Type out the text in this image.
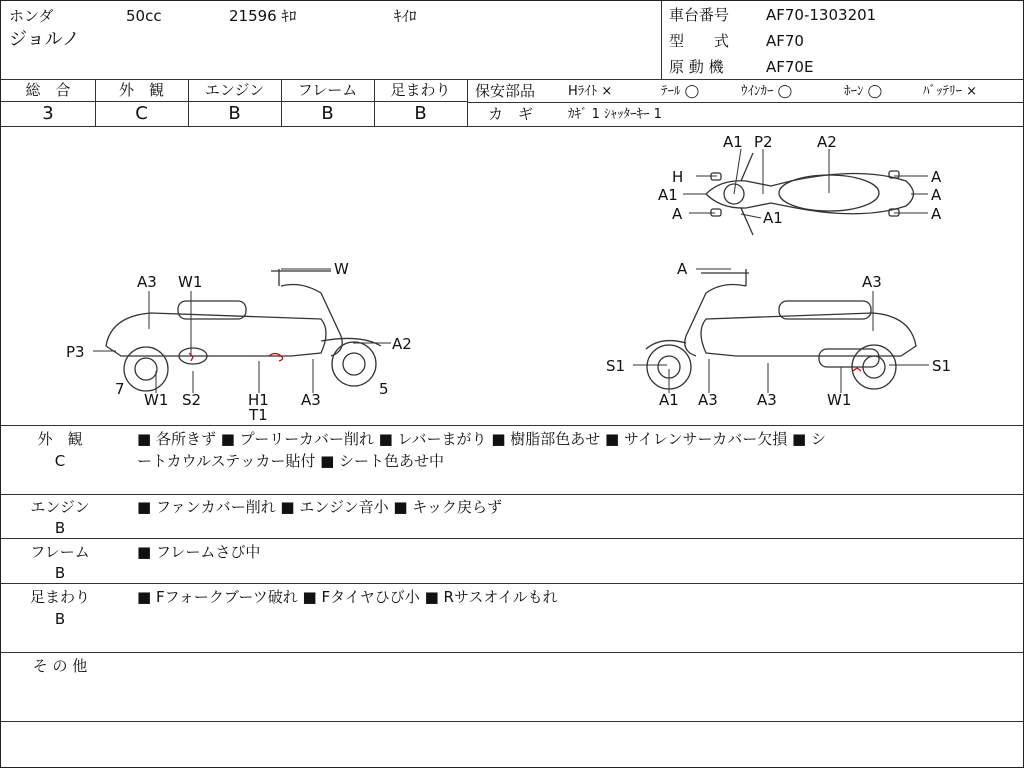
ホンダ	50cc	21596 ｷﾛ	ｷｲﾛ
ジョルノ
車台番号 AF70-1303201
型　　式 AF70
原 動 機	AF70E
総　合	外　観	エンジン	フレーム	足まわり
3	C	B	B	B
保安部品	Hﾗｲﾄ ×	ﾃｰﾙ ◯	ｳｲﾝｶｰ ◯	ﾎｰﾝ ◯	ﾊﾞｯﾃﾘｰ ×
カ　ギ	ｶｷﾞ 1 ｼｬｯﾀｰｷｰ 1
A1 P2	A2
H
A1
A	A1
A
A
A
A3 W1
W
P3	A2
7
W1 S2	H1
T1
A3
5
A
A3
S1	S1
A1 A3	A3	W1
外　観
C
■ 各所きず ■ プーリーカバー削れ ■ レバーまがり ■ 樹脂部色あせ ■ サイレンサーカバー欠損 ■ シ
ートカウルステッカー貼付 ■ シート色あせ中
エンジン
B
■ ファンカバー削れ ■ エンジン音小 ■ キック戻らず
フレーム
B
■ フレームさび中
足まわり
B
■ Fフォークブーツ破れ ■ Fタイヤひび小 ■ Rサスオイルもれ
そ の 他
